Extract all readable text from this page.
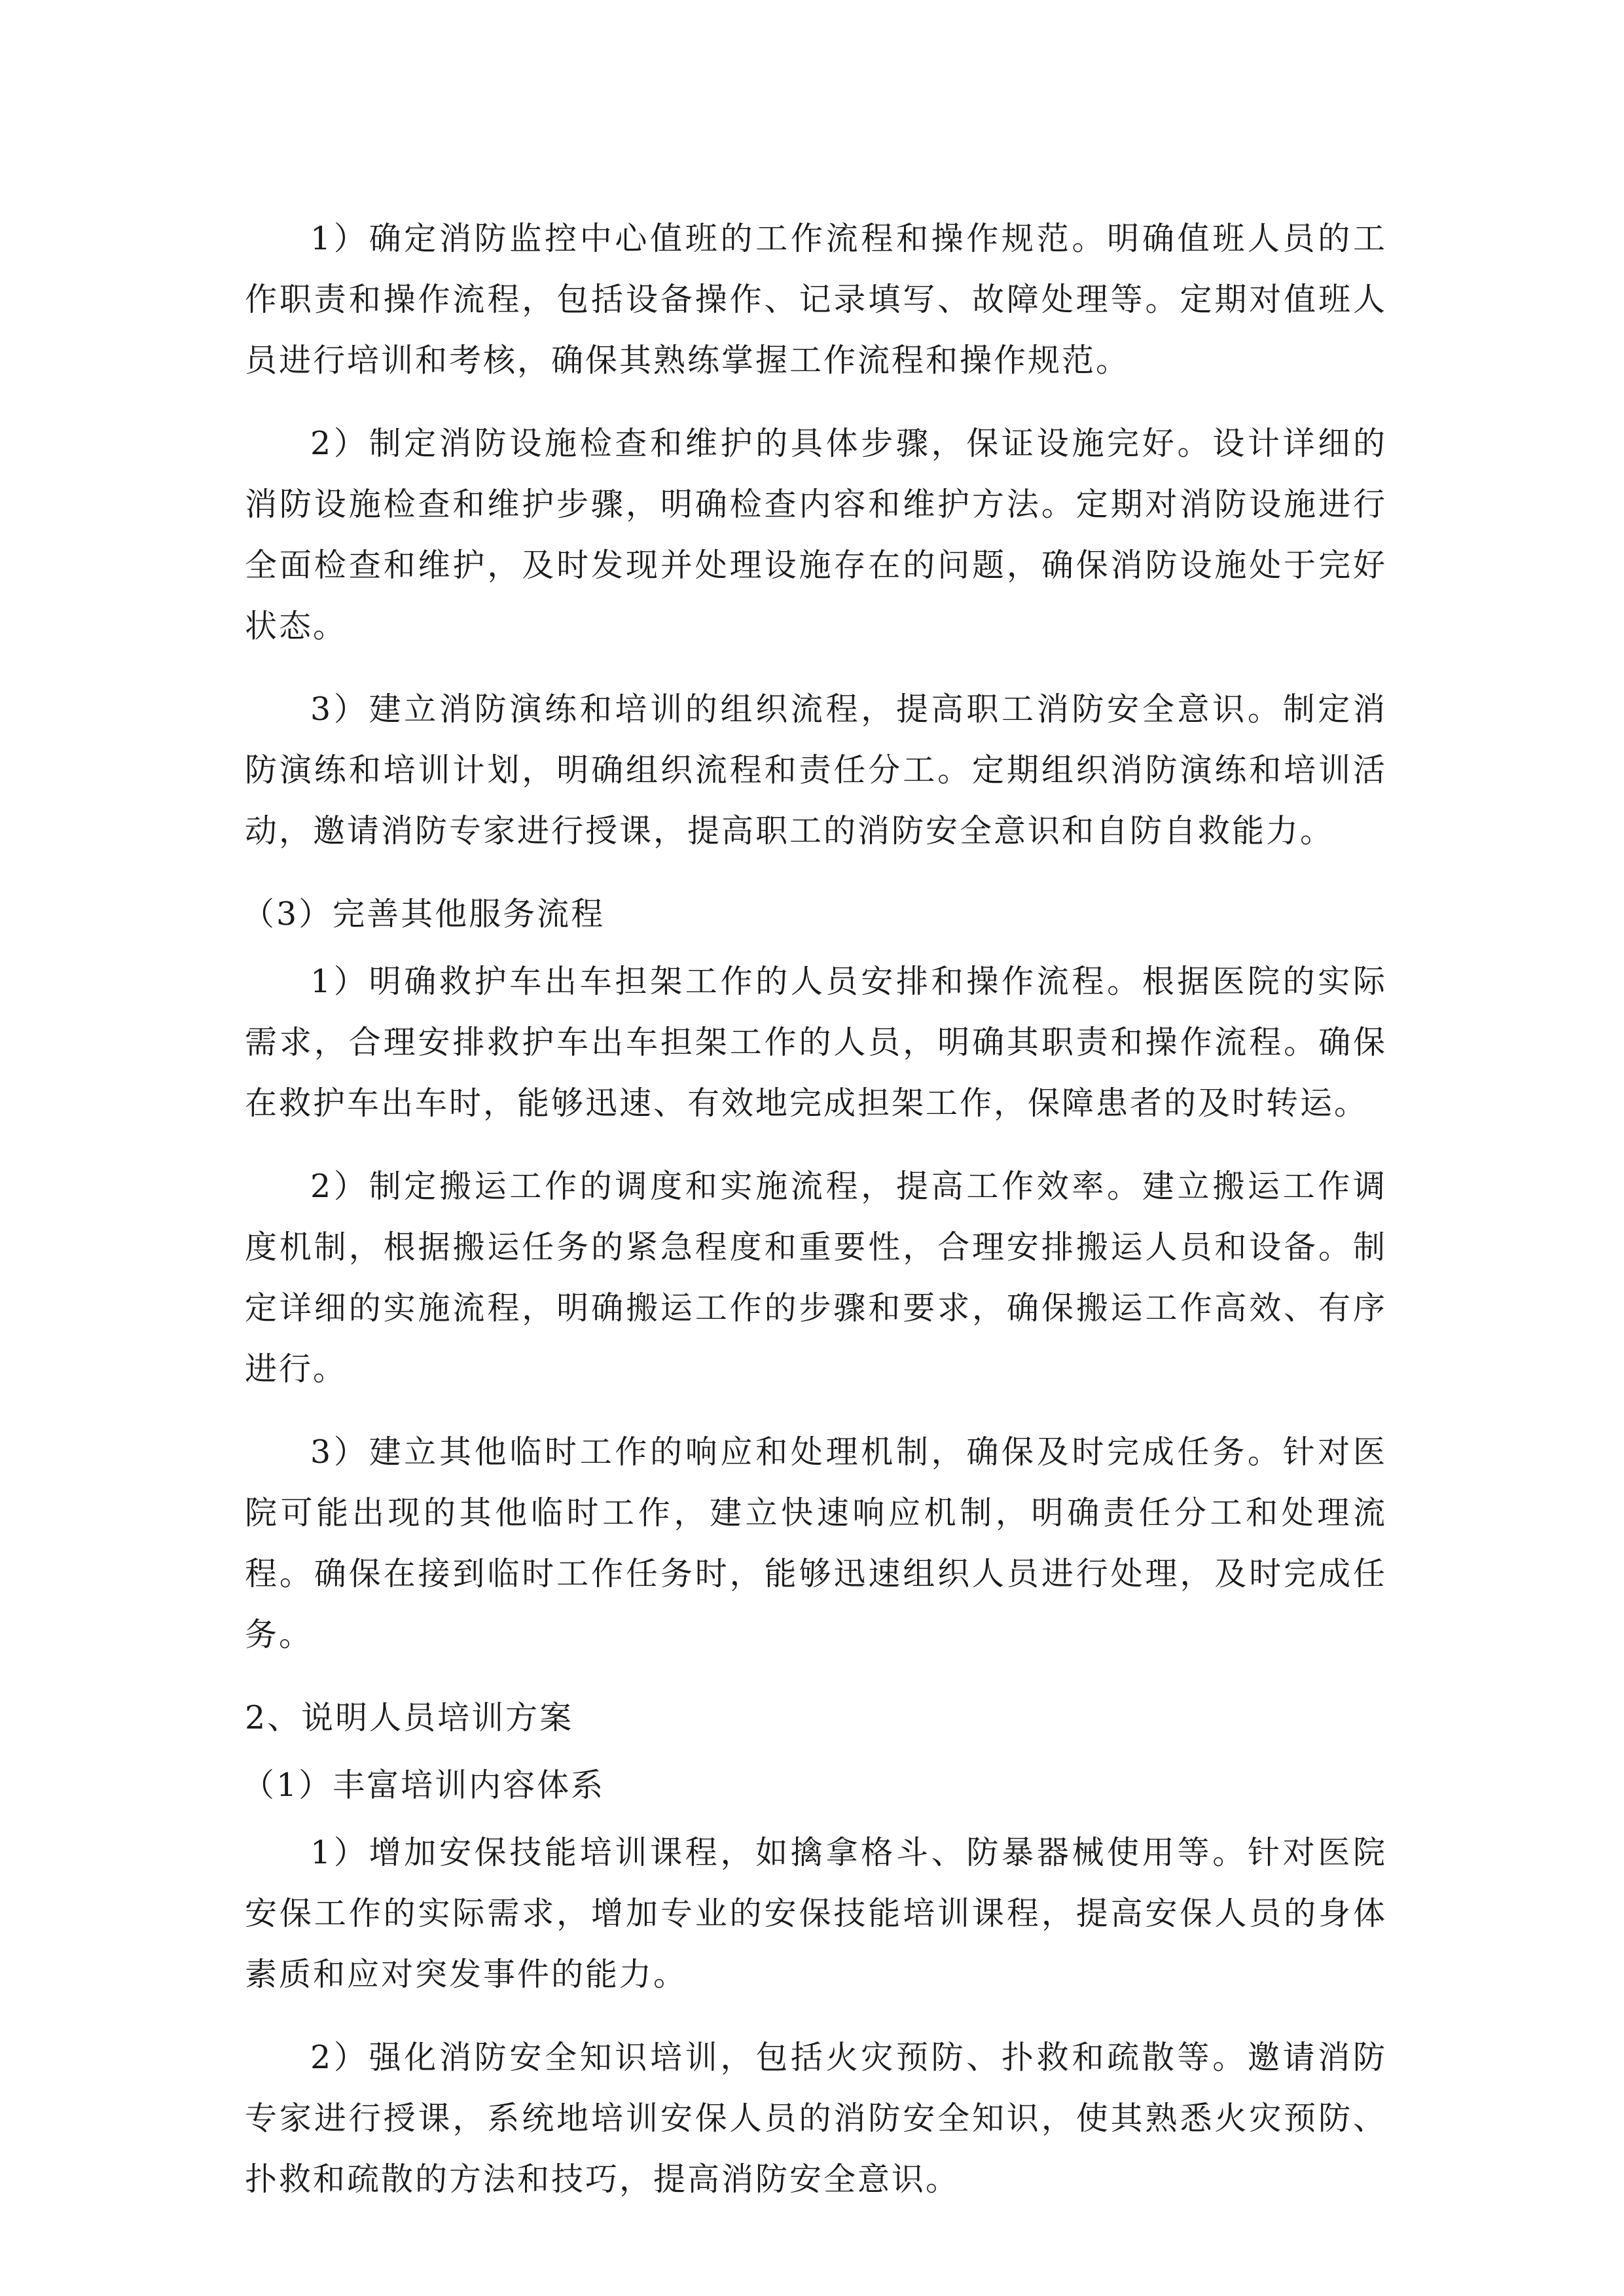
1）确定消防监控中心值班的工作流程和操作规范。明确值班人员的工作职责和操作流程，包括设备操作、记录填写、故障处理等。定期对值班人员进行培训和考核，确保其熟练掌握工作流程和操作规范。

2）制定消防设施检查和维护的具体步骤，保证设施完好。设计详细的消防设施检查和维护步骤，明确检查内容和维护方法。定期对消防设施进行全面检查和维护，及时发现并处理设施存在的问题，确保消防设施处于完好状态。

3）建立消防演练和培训的组织流程，提高职工消防安全意识。制定消防演练和培训计划，明确组织流程和责任分工。定期组织消防演练和培训活动，邀请消防专家进行授课，提高职工的消防安全意识和自防自救能力。

（3）完善其他服务流程

1）明确救护车出车担架工作的人员安排和操作流程。根据医院的实际需求，合理安排救护车出车担架工作的人员，明确其职责和操作流程。确保在救护车出车时，能够迅速、有效地完成担架工作，保障患者的及时转运。

2）制定搬运工作的调度和实施流程，提高工作效率。建立搬运工作调度机制，根据搬运任务的紧急程度和重要性，合理安排搬运人员和设备。制定详细的实施流程，明确搬运工作的步骤和要求，确保搬运工作高效、有序进行。

3）建立其他临时工作的响应和处理机制，确保及时完成任务。针对医院可能出现的其他临时工作，建立快速响应机制，明确责任分工和处理流程。确保在接到临时工作任务时，能够迅速组织人员进行处理，及时完成任务。

2、说明人员培训方案

（1）丰富培训内容体系

1）增加安保技能培训课程，如擒拿格斗、防暴器械使用等。针对医院安保工作的实际需求，增加专业的安保技能培训课程，提高安保人员的身体素质和应对突发事件的能力。

2）强化消防安全知识培训，包括火灾预防、扑救和疏散等。邀请消防专家进行授课，系统地培训安保人员的消防安全知识，使其熟悉火灾预防、扑救和疏散的方法和技巧，提高消防安全意识。
